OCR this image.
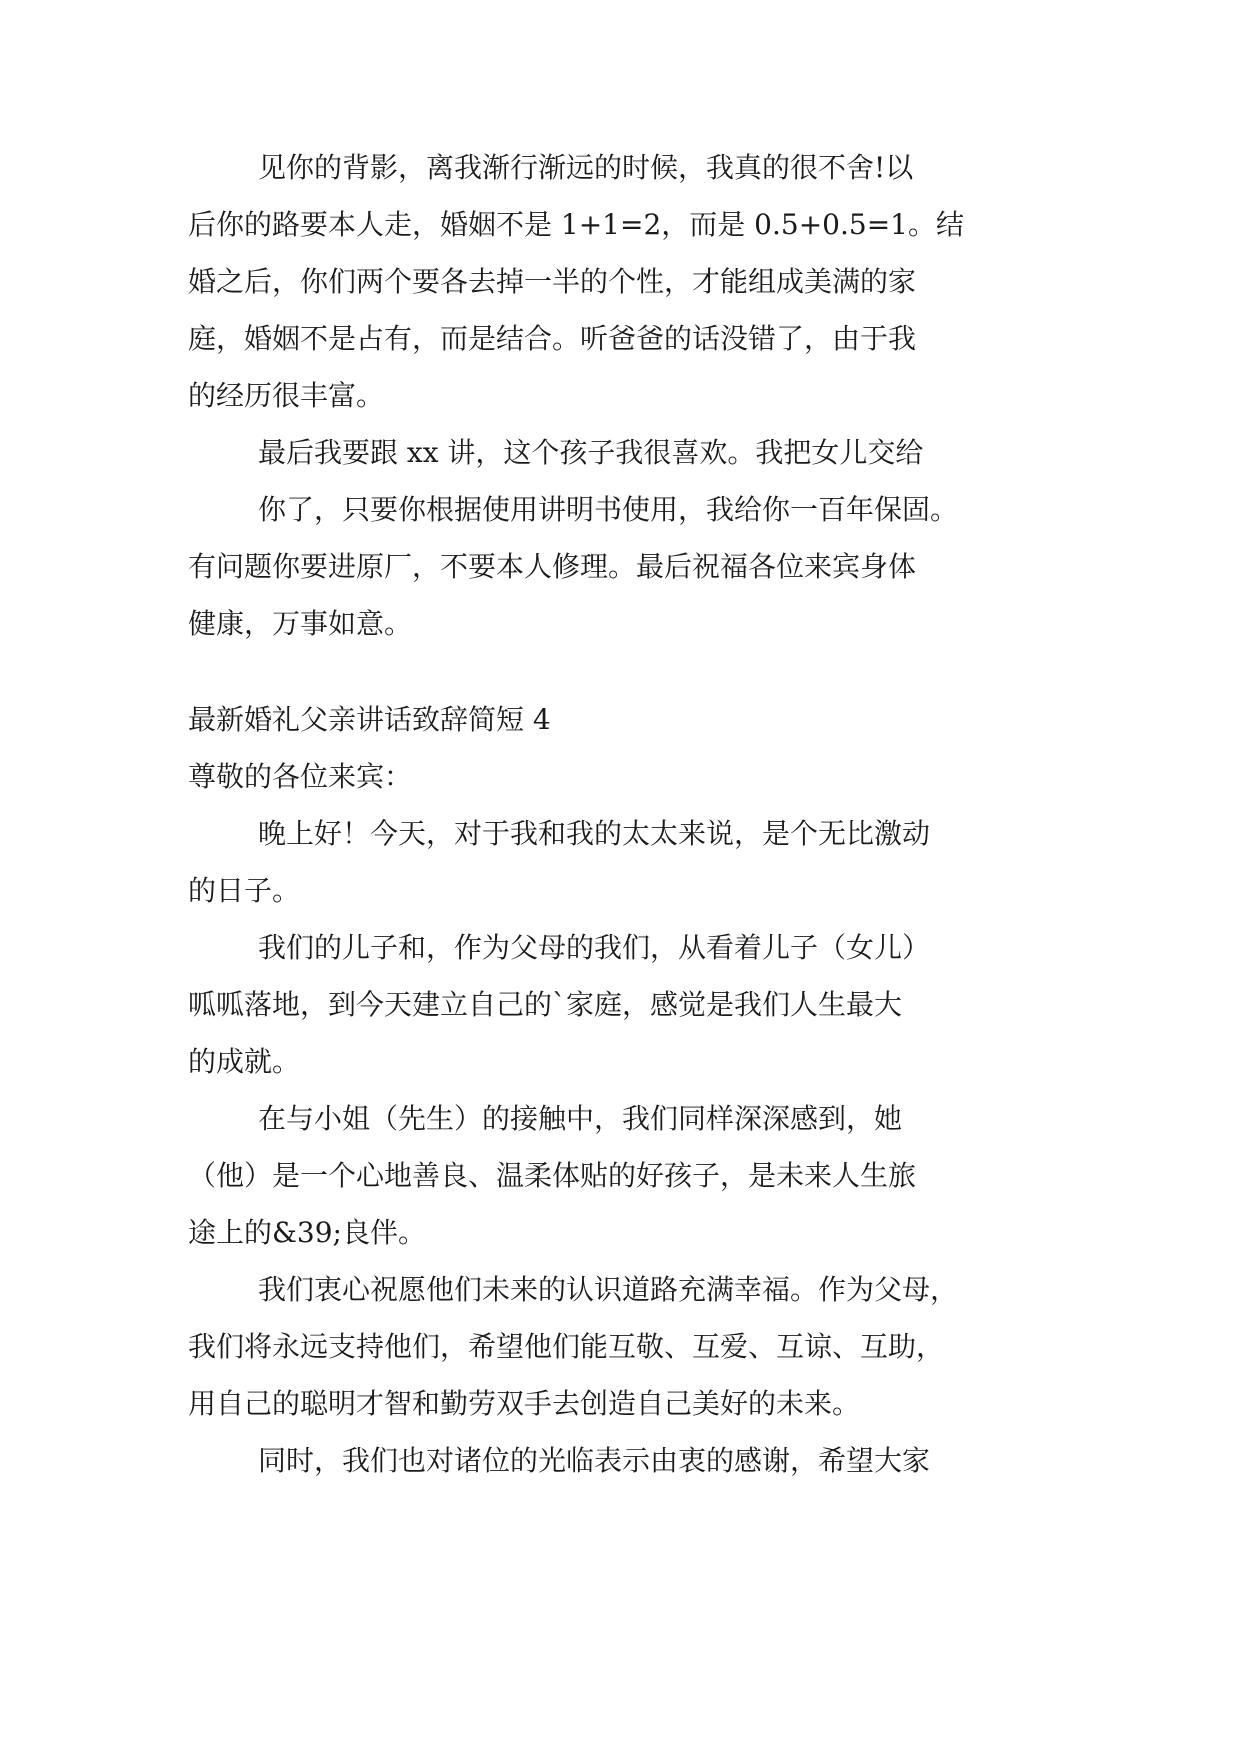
见你的背影，离我渐行渐远的时候，我真的很不舍!以
后你的路要本人走，婚姻不是 1+1=2，而是 0.5+0.5=1。结
婚之后，你们两个要各去掉一半的个性，才能组成美满的家
庭，婚姻不是占有，而是结合。听爸爸的话没错了，由于我
的经历很丰富。
最后我要跟 xx 讲，这个孩子我很喜欢。我把女儿交给
你了，只要你根据使用讲明书使用，我给你一百年保固。
有问题你要进原厂，不要本人修理。最后祝福各位来宾身体
健康，万事如意。
最新婚礼父亲讲话致辞简短 4
尊敬的各位来宾：
晚上好！今天，对于我和我的太太来说，是个无比激动
的日子。
我们的儿子和，作为父母的我们，从看着儿子（女儿）
呱呱落地，到今天建立自己的`家庭，感觉是我们人生最大
的成就。
在与小姐（先生）的接触中，我们同样深深感到，她
（他）是一个心地善良、温柔体贴的好孩子，是未来人生旅
途上的&39;良伴。
我们衷心祝愿他们未来的认识道路充满幸福。作为父母，
我们将永远支持他们，希望他们能互敬、互爱、互谅、互助，
用自己的聪明才智和勤劳双手去创造自己美好的未来。
同时，我们也对诸位的光临表示由衷的感谢，希望大家
